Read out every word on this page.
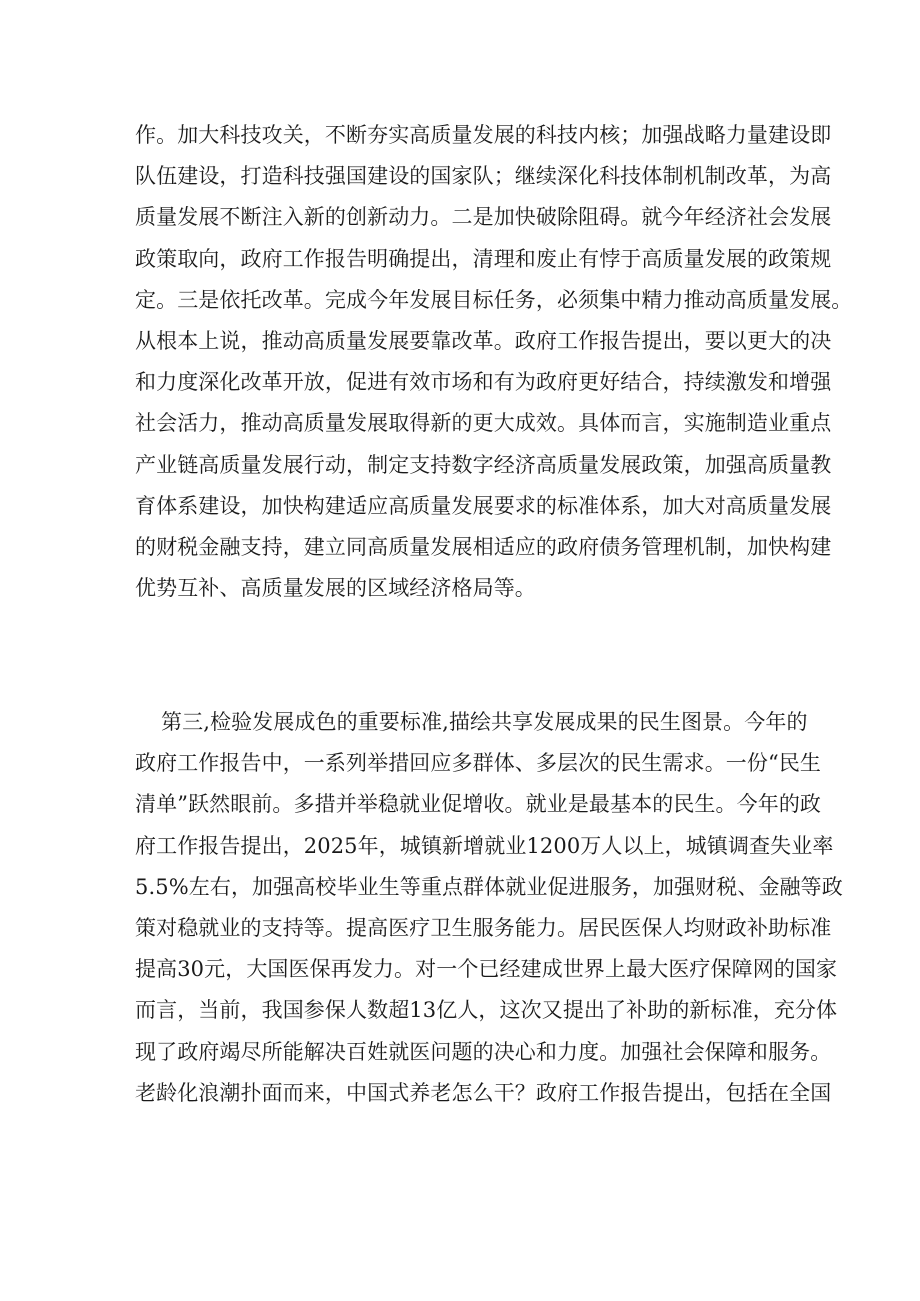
作。加大科技攻关，不断夯实高质量发展的科技内核；加强战略力量建设即
队伍建设，打造科技强国建设的国家队；继续深化科技体制机制改革，为高
质量发展不断注入新的创新动力。二是加快破除阻碍。就今年经济社会发展
政策取向，政府工作报告明确提出，清理和废止有悖于高质量发展的政策规
定。三是依托改革。完成今年发展目标任务，必须集中精力推动高质量发展。
从根本上说，推动高质量发展要靠改革。政府工作报告提出，要以更大的决
和力度深化改革开放，促进有效市场和有为政府更好结合，持续激发和增强
社会活力，推动高质量发展取得新的更大成效。具体而言，实施制造业重点
产业链高质量发展行动，制定支持数字经济高质量发展政策，加强高质量教
育体系建设，加快构建适应高质量发展要求的标准体系，加大对高质量发展
的财税金融支持，建立同高质量发展相适应的政府债务管理机制，加快构建
优势互补、高质量发展的区域经济格局等。
第三,检验发展成色的重要标准,描绘共享发展成果的民生图景。今年的
政府工作报告中，一系列举措回应多群体、多层次的民生需求。一份“民生
清单”跃然眼前。多措并举稳就业促增收。就业是最基本的民生。今年的政
府工作报告提出，2025年，城镇新增就业1200万人以上，城镇调查失业率
5.5%左右，加强高校毕业生等重点群体就业促进服务，加强财税、金融等政
策对稳就业的支持等。提高医疗卫生服务能力。居民医保人均财政补助标准
提高30元，大国医保再发力。对一个已经建成世界上最大医疗保障网的国家
而言，当前，我国参保人数超13亿人，这次又提出了补助的新标准，充分体
现了政府竭尽所能解决百姓就医问题的决心和力度。加强社会保障和服务。
老龄化浪潮扑面而来，中国式养老怎么干？政府工作报告提出，包括在全国
